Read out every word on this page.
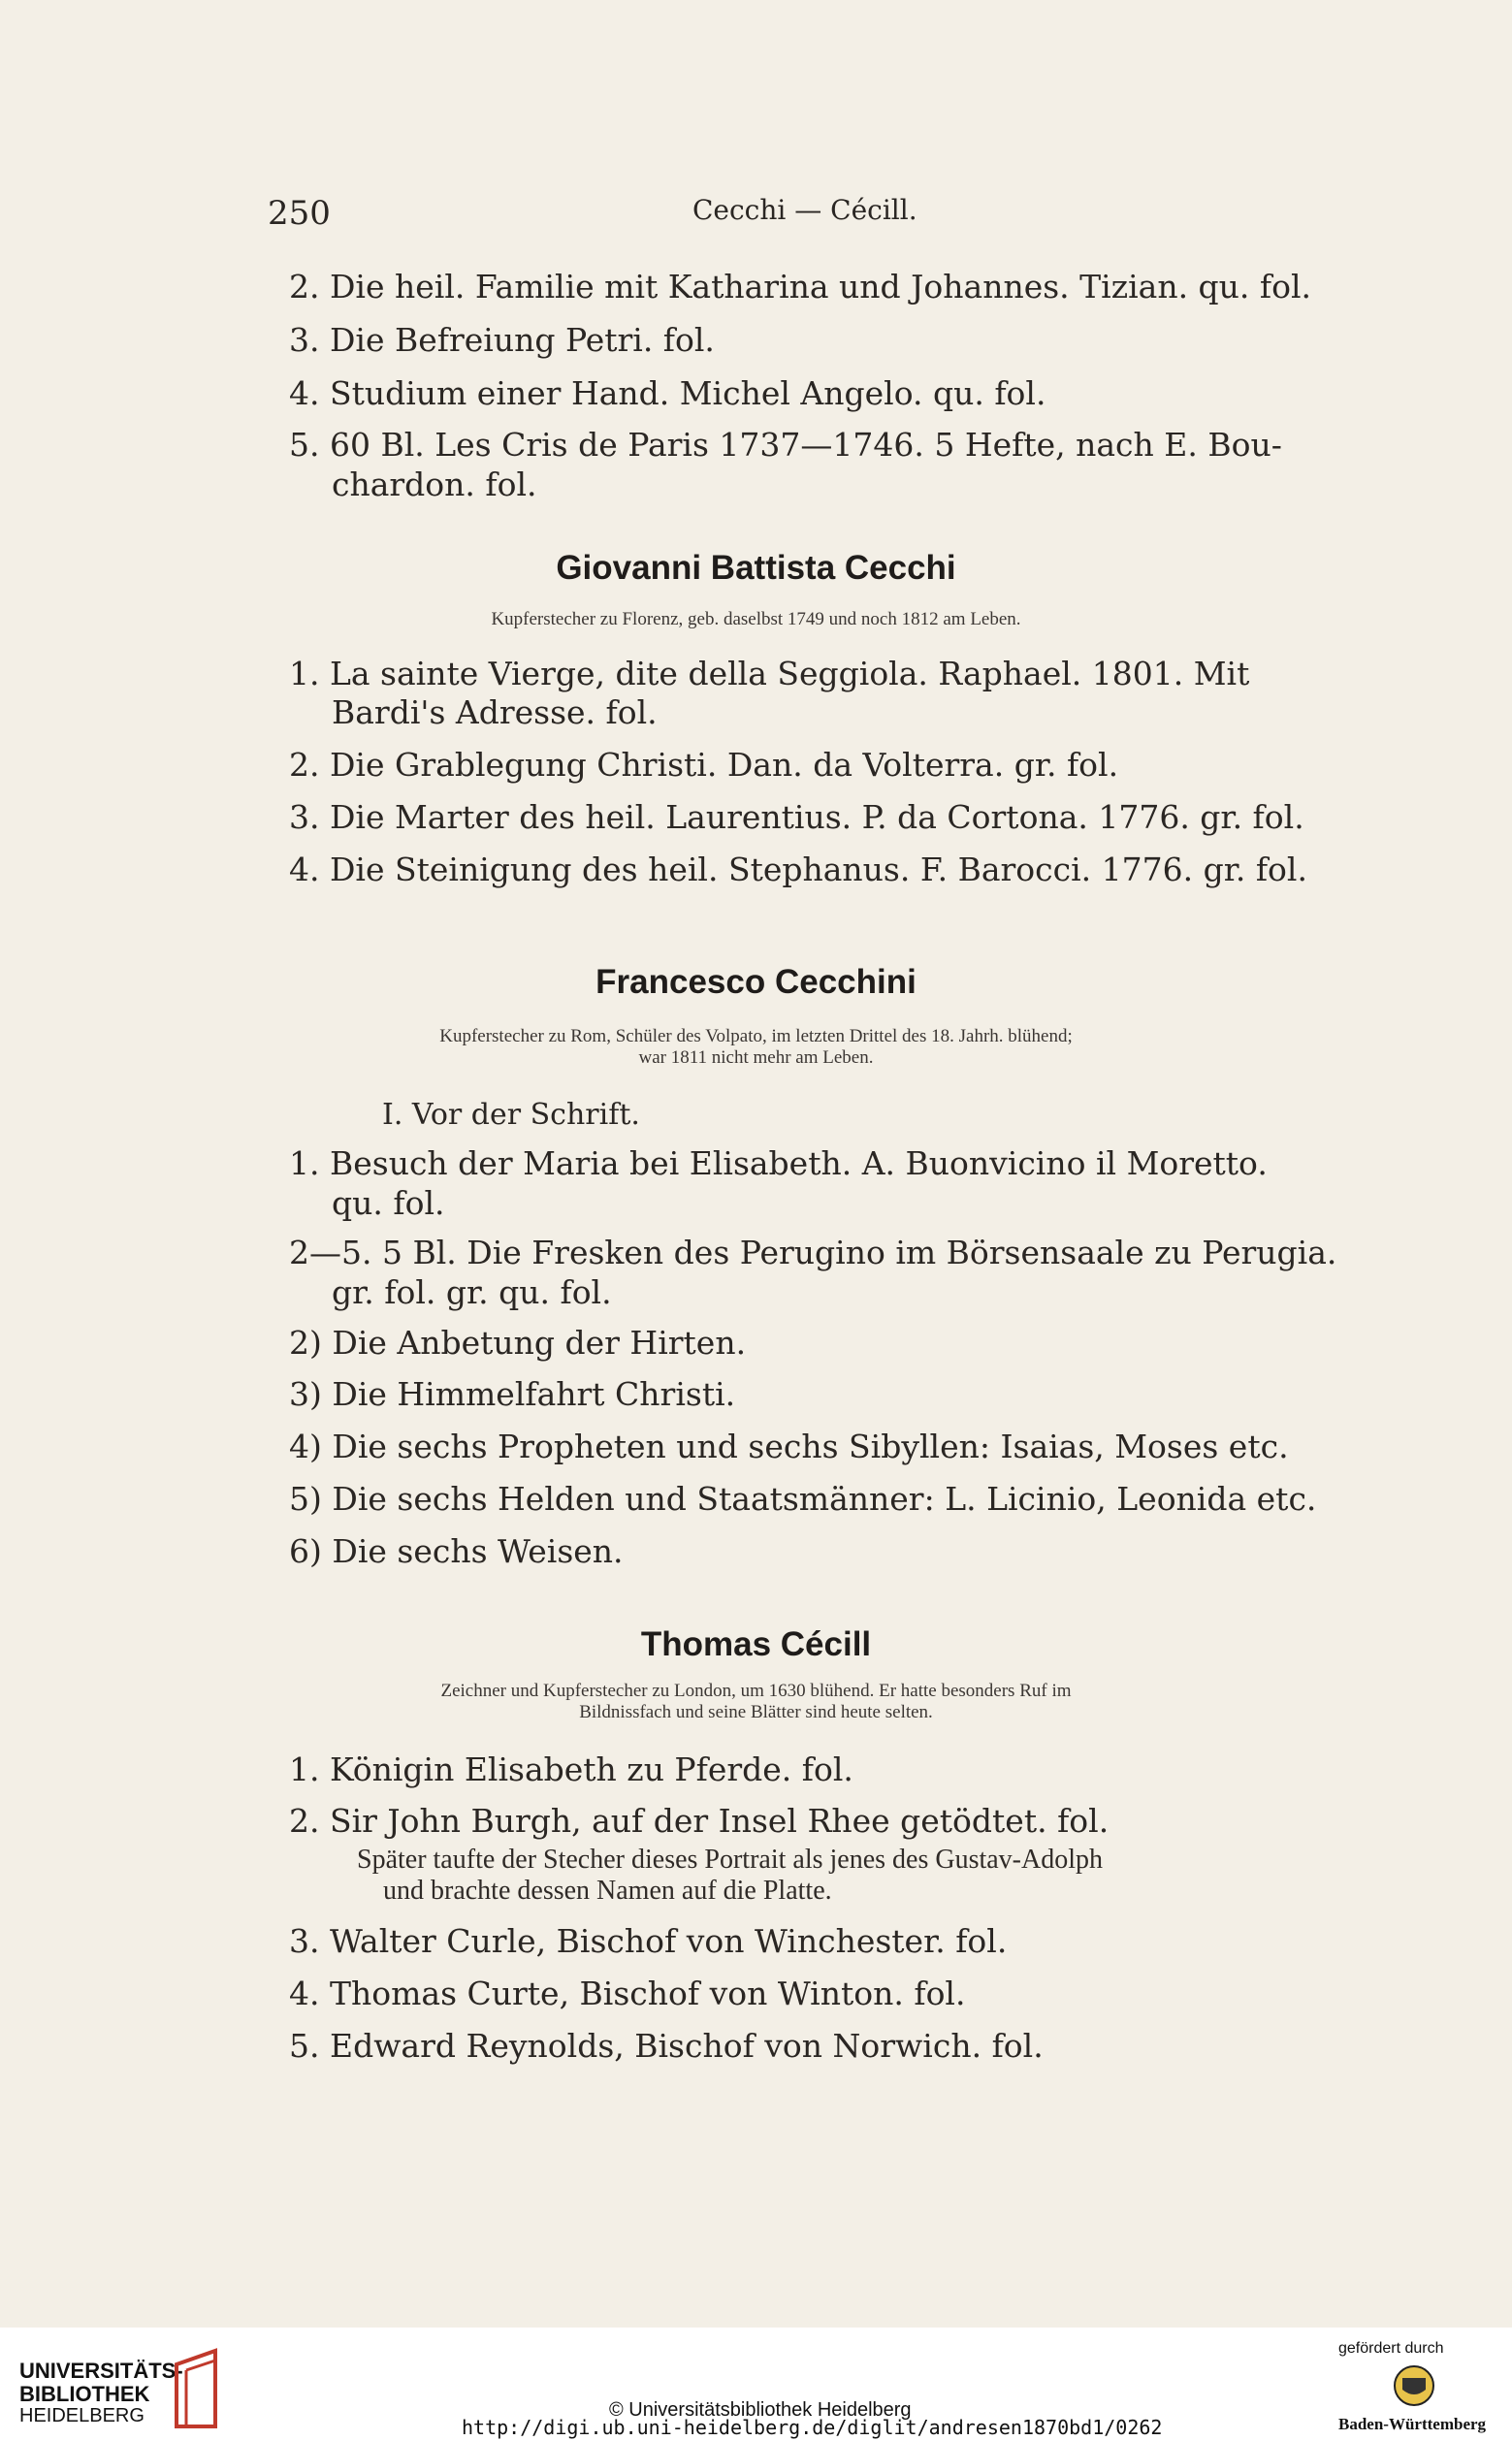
250	Cecchi — Cécill.
2. Die heil. Familie mit Katharina und Johannes. Tizian. qu. fol.
3. Die Befreiung Petri. fol.
4. Studium einer Hand. Michel Angelo. qu. fol.
5. 60 Bl. Les Cris de Paris 1737—1746. 5 Hefte, nach E. Bou-
chardon. fol.
Giovanni Battista Cecchi
Kupferstecher zu Florenz, geb. daselbst 1749 und noch 1812 am Leben.
1. La sainte Vierge, dite della Seggiola. Raphael. 1801. Mit
Bardi's Adresse. fol.
2. Die Grablegung Christi. Dan. da Volterra. gr. fol.
3. Die Marter des heil. Laurentius. P. da Cortona. 1776. gr. fol.
4. Die Steinigung des heil. Stephanus. F. Barocci. 1776. gr. fol.
Francesco Cecchini
Kupferstecher zu Rom, Schüler des Volpato, im letzten Drittel des 18. Jahrh. blühend;
war 1811 nicht mehr am Leben.
I. Vor der Schrift.
1. Besuch der Maria bei Elisabeth. A. Buonvicino il Moretto.
qu. fol.
2—5. 5 Bl. Die Fresken des Perugino im Börsensaale zu Perugia.
gr. fol. gr. qu. fol.
2) Die Anbetung der Hirten.
3) Die Himmelfahrt Christi.
4) Die sechs Propheten und sechs Sibyllen: Isaias, Moses etc.
5) Die sechs Helden und Staatsmänner: L. Licinio, Leonida etc.
6) Die sechs Weisen.
Thomas Cécill
Zeichner und Kupferstecher zu London, um 1630 blühend. Er hatte besonders Ruf im
Bildnissfach und seine Blätter sind heute selten.
1. Königin Elisabeth zu Pferde. fol.
2. Sir John Burgh, auf der Insel Rhee getödtet. fol.
Später taufte der Stecher dieses Portrait als jenes des Gustav-Adolph
und brachte dessen Namen auf die Platte.
3. Walter Curle, Bischof von Winchester. fol.
4. Thomas Curte, Bischof von Winton. fol.
5. Edward Reynolds, Bischof von Norwich. fol.
UNIVERSITÄTS-
BIBLIOTHEK
HEIDELBERG	© Universitätsbibliothek Heidelberg
http://digi.ub.uni-heidelberg.de/diglit/andresen1870bd1/0262
gefördert durch
Baden-Württemberg
